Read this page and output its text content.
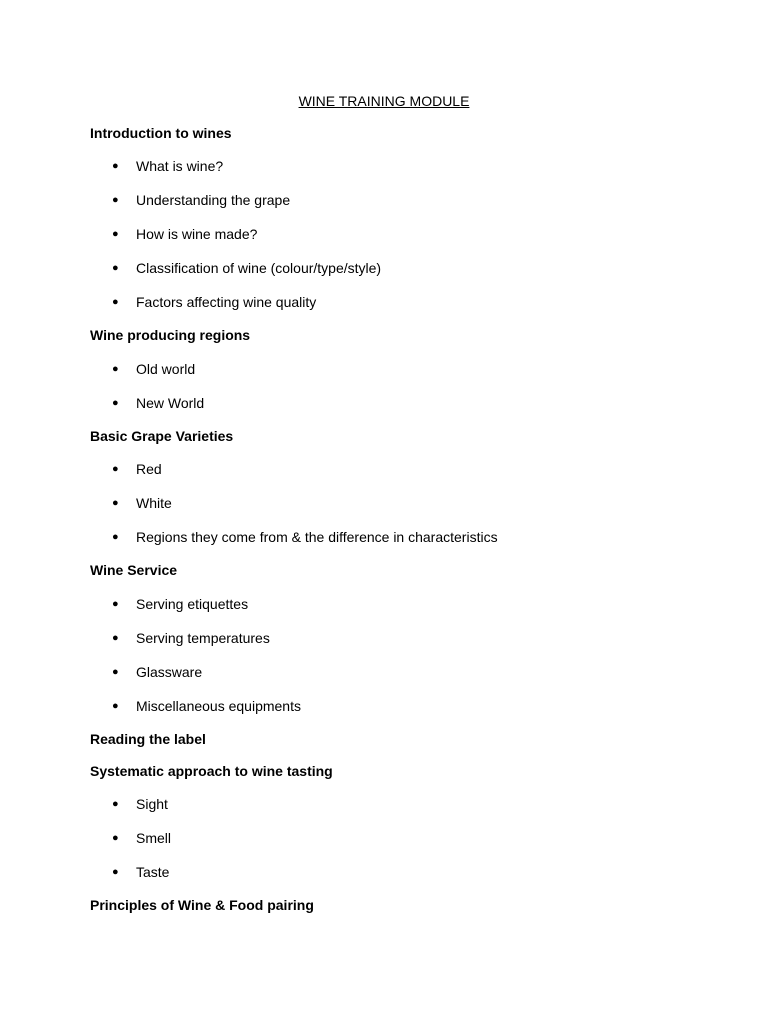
WINE TRAINING MODULE
Introduction to wines
● What is wine?
● Understanding the grape
● How is wine made?
● Classification of wine (colour/type/style)
● Factors affecting wine quality
Wine producing regions
● Old world
● New World
Basic Grape Varieties
● Red
● White
● Regions they come from & the difference in characteristics
Wine Service
● Serving etiquettes
● Serving temperatures
● Glassware
● Miscellaneous equipments
Reading the label
Systematic approach to wine tasting
● Sight
● Smell
● Taste
Principles of Wine & Food pairing
